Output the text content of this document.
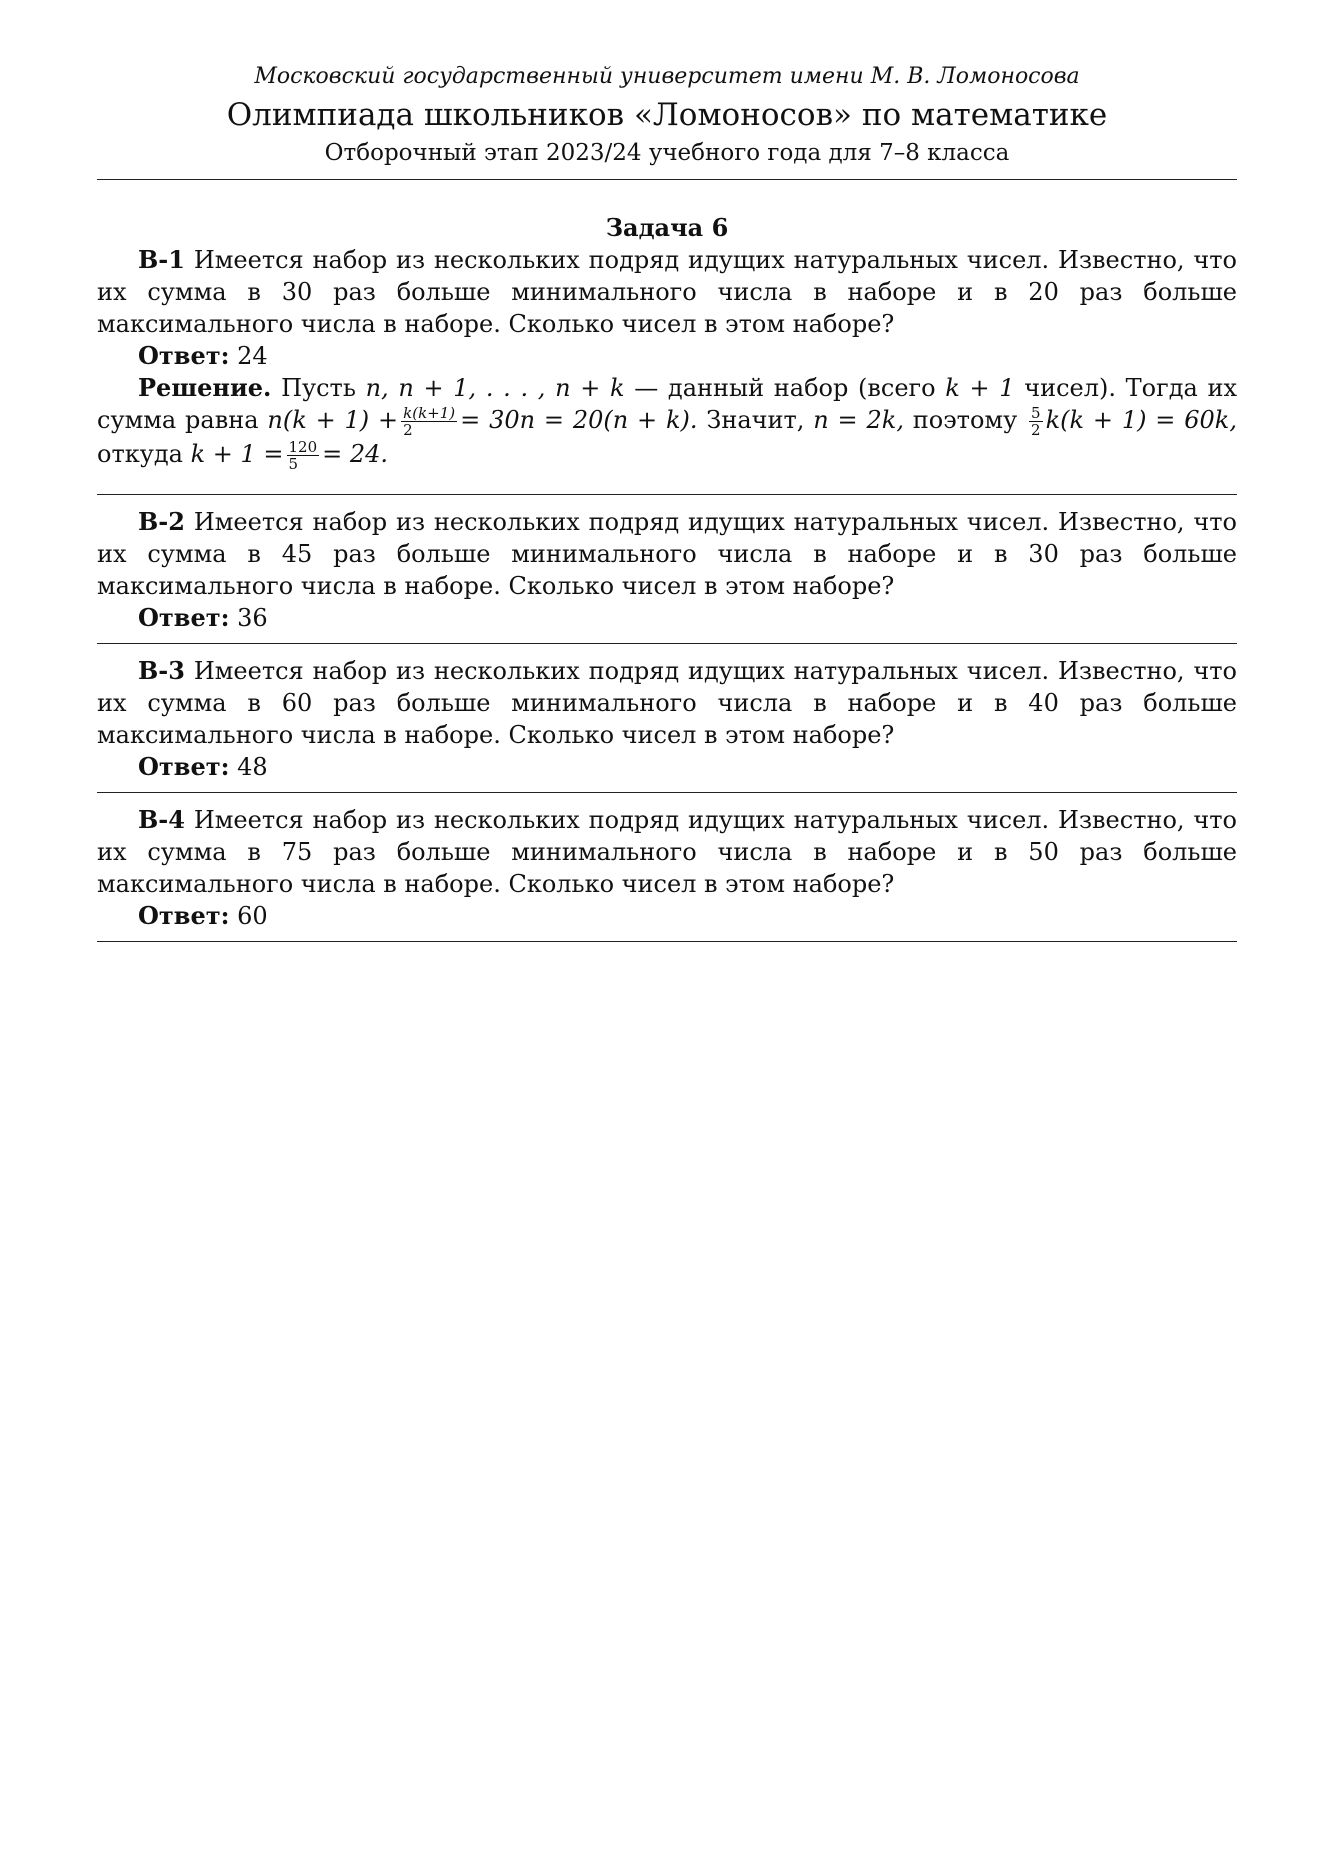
Московский государственный университет имени М. В. Ломоносова
Олимпиада школьников «Ломоносов» по математике
Отборочный этап 2023/24 учебного года для 7–8 класса
Задача 6
В-1 Имеется набор из нескольких подряд идущих натуральных чисел. Известно, что их сумма в 30 раз больше минимального числа в наборе и в 20 раз больше максимального числа в наборе. Сколько чисел в этом наборе?
Ответ: 24
Решение. Пусть n, n + 1, . . . , n + k — данный набор (всего k + 1 чисел). Тогда их сумма равна $n(k + 1) + \frac{k(k+1)}{2} = 30n = 20(n + k)$. Значит, n = 2k, поэтому $\frac{5}{2} k(k + 1) = 60k$, откуда $k + 1 = \frac{120}{5} = 24$.
В-2 Имеется набор из нескольких подряд идущих натуральных чисел. Известно, что их сумма в 45 раз больше минимального числа в наборе и в 30 раз больше максимального числа в наборе. Сколько чисел в этом наборе?
Ответ: 36
В-3 Имеется набор из нескольких подряд идущих натуральных чисел. Известно, что их сумма в 60 раз больше минимального числа в наборе и в 40 раз больше максимального числа в наборе. Сколько чисел в этом наборе?
Ответ: 48
В-4 Имеется набор из нескольких подряд идущих натуральных чисел. Известно, что их сумма в 75 раз больше минимального числа в наборе и в 50 раз больше максимального числа в наборе. Сколько чисел в этом наборе?
Ответ: 60
